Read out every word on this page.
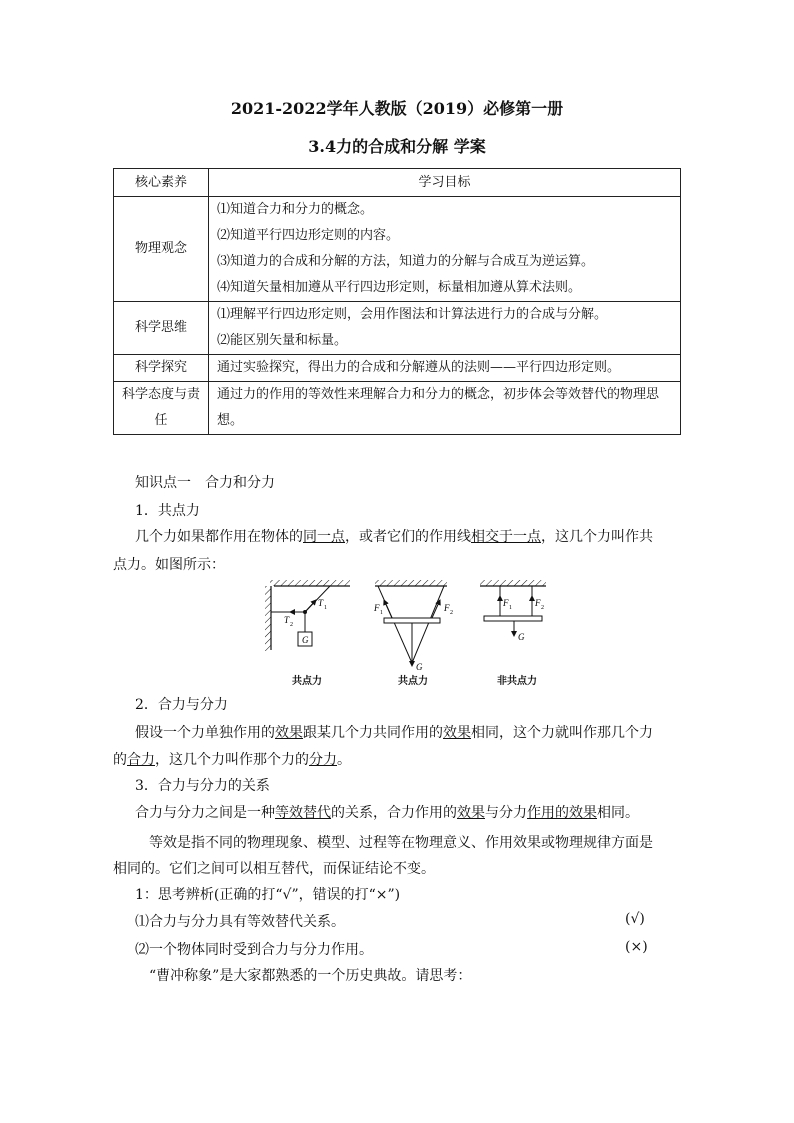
2021-2022学年人教版（2019）必修第一册
3.4力的合成和分解 学案
核心素养	学习目标
物理观念	⑴知道合力和分力的概念。
⑵知道平行四边形定则的内容。
⑶知道力的合成和分解的方法，知道力的分解与合成互为逆运算。
⑷知道矢量相加遵从平行四边形定则，标量相加遵从算术法则。

科学思维	⑴理解平行四边形定则，会用作图法和计算法进行力的合成与分解。
⑵能区别矢量和标量。

科学探究	通过实验探究，得出力的合成和分解遵从的法则——平行四边形定则。

科学态度与责任	通过力的作用的等效性来理解合力和分力的概念，初步体会等效替代的物理思想。
知识点一　合力和分力
1．共点力
几个力如果都作用在物体的同一点，或者它们的作用线相交于一点，这几个力叫作共
点力。如图所示：
G
T 1
T 2
F 1	F 2
G
F 1	F 2
G
共点力	共点力	非共点力
2．合力与分力
假设一个力单独作用的效果跟某几个力共同作用的效果相同，这个力就叫作那几个力
的合力，这几个力叫作那个力的分力。
3．合力与分力的关系
合力与分力之间是一种等效替代的关系，合力作用的效果与分力作用的效果相同。
等效是指不同的物理现象、模型、过程等在物理意义、作用效果或物理规律方面是
相同的。它们之间可以相互替代，而保证结论不变。
1：思考辨析(正确的打“√”，错误的打“×”)
⑴合力与分力具有等效替代关系。	(√)
⑵一个物体同时受到合力与分力作用。	(×)
“曹冲称象”是大家都熟悉的一个历史典故。请思考：
